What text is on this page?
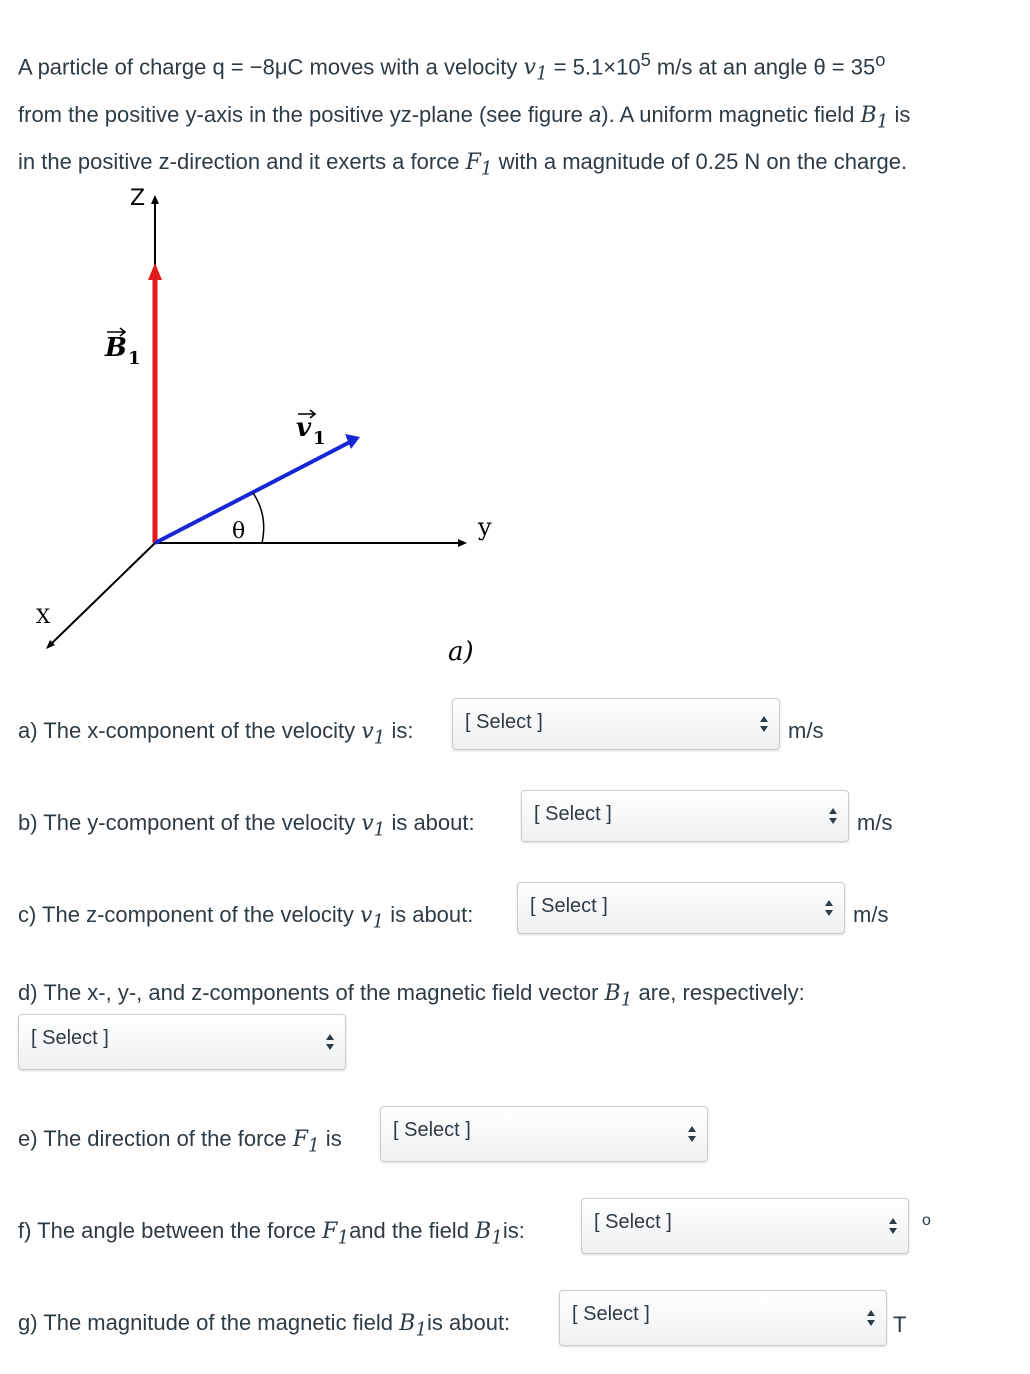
A particle of charge q = −8μC moves with a velocity $v_1 = 5.1\times 10^5$ m/s at an angle $\theta = 35^o$
from the positive y-axis in the positive yz-plane (see figure a). A uniform magnetic field $B_1$ is
in the positive z-direction and it exerts a force $F_1$ with a magnitude of 0.25 N on the charge.
Z
y
X
θ
B 1
v 1
a)
a) The x-component of the velocity $v_1$ is:	[ Select ]	m/s
b) The y-component of the velocity $v_1$ is about:	[ Select ]	m/s
c) The z-component of the velocity $v_1$ is about:	[ Select ]	m/s
d) The x-, y-, and z-components of the magnetic field vector $B_1$ are, respectively:
[ Select ]
e) The direction of the force $F_1$ is	[ Select ]
f) The angle between the force $F_1and$ the field $B_1is$:	[ Select ]	o
g) The magnitude of the magnetic field $B_1is$ about:	[ Select ]	T
